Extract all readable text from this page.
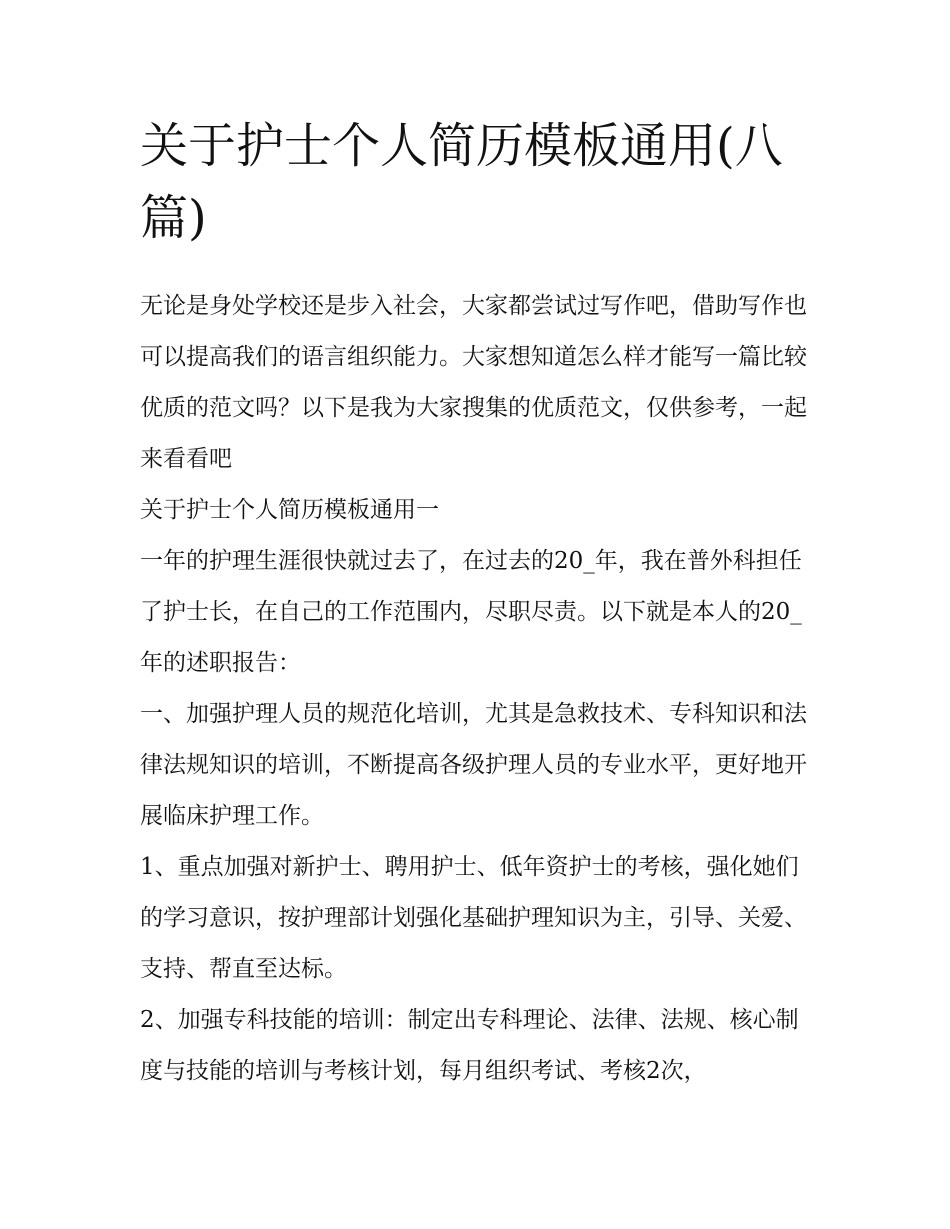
关于护士个人简历模板通用(八篇)

无论是身处学校还是步入社会，大家都尝试过写作吧，借助写作也可以提高我们的语言组织能力。大家想知道怎么样才能写一篇比较优质的范文吗？以下是我为大家搜集的优质范文，仅供参考，一起来看看吧

关于护士个人简历模板通用一

一年的护理生涯很快就过去了，在过去的20_年，我在普外科担任了护士长，在自己的工作范围内，尽职尽责。以下就是本人的20_年的述职报告：

一、加强护理人员的规范化培训，尤其是急救技术、专科知识和法律法规知识的培训，不断提高各级护理人员的专业水平，更好地开展临床护理工作。

1、重点加强对新护士、聘用护士、低年资护士的考核，强化她们的学习意识，按护理部计划强化基础护理知识为主，引导、关爱、支持、帮直至达标。

2、加强专科技能的培训：制定出专科理论、法律、法规、核心制度与技能的培训与考核计划，每月组织考试、考核2次，
